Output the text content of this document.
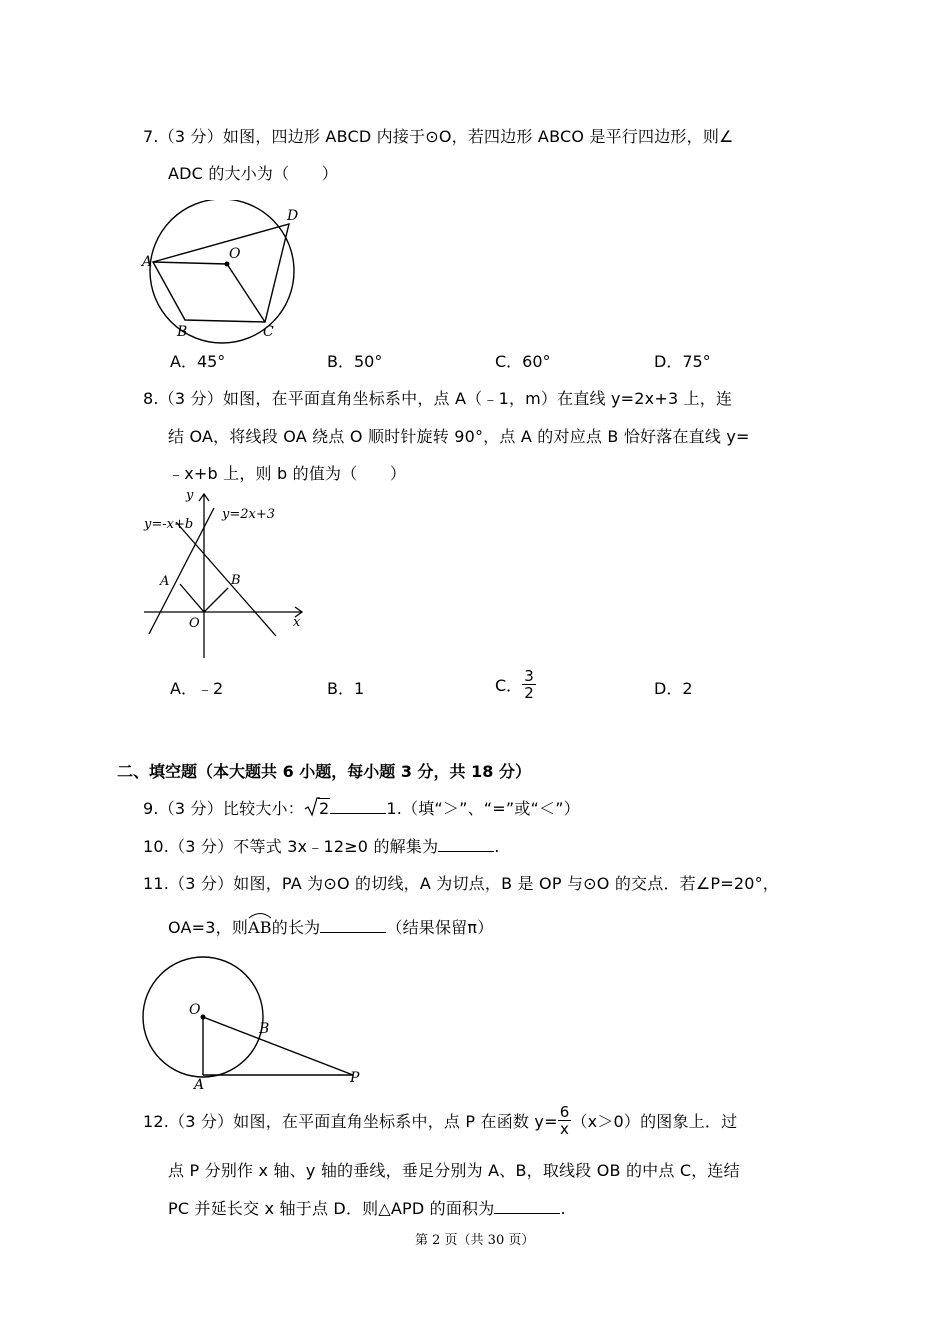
7.（3 分）如图，四边形 ABCD 内接于⊙O，若四边形 ABCO 是平行四边形，则∠
ADC 的大小为（　　）
A
B	C
D
O
A．45°	B．50°	C．60°	D．75°
8.（3 分）如图，在平面直角坐标系中，点 A（﹣1，m）在直线 y=2x+3 上，连
结 OA，将线段 OA 绕点 O 顺时针旋转 90°，点 A 的对应点 B 恰好落在直线 y=
﹣x+b 上，则 b 的值为（　　）
y
x
O
A	B
y=-x+b
y=2x+3
A．﹣2	B．1	C． $\frac{3}{2}$	D．2
二、填空题（本大题共 6 小题，每小题 3 分，共 18 分）
9.（3 分）比较大小： 2	1.（填“＞”、“=”或“＜”）
10.（3 分）不等式 3x﹣12≥0 的解集为	.
11.（3 分）如图，PA 为⊙O 的切线，A 为切点，B 是 OP 与⊙O 的交点．若∠P=20°，
OA=3，则
AB的长为	（结果保留π）
O
A
B
P
12.（3 分）如图，在平面直角坐标系中，点 P 在函数 $y= \frac{6}{x} (x>0)$的图象上．过
点 P 分别作 x 轴、y 轴的垂线，垂足分别为 A、B，取线段 OB 的中点 C，连结
PC 并延长交 x 轴于点 D．则△APD 的面积为	.
第 2 页（共 30 页）
